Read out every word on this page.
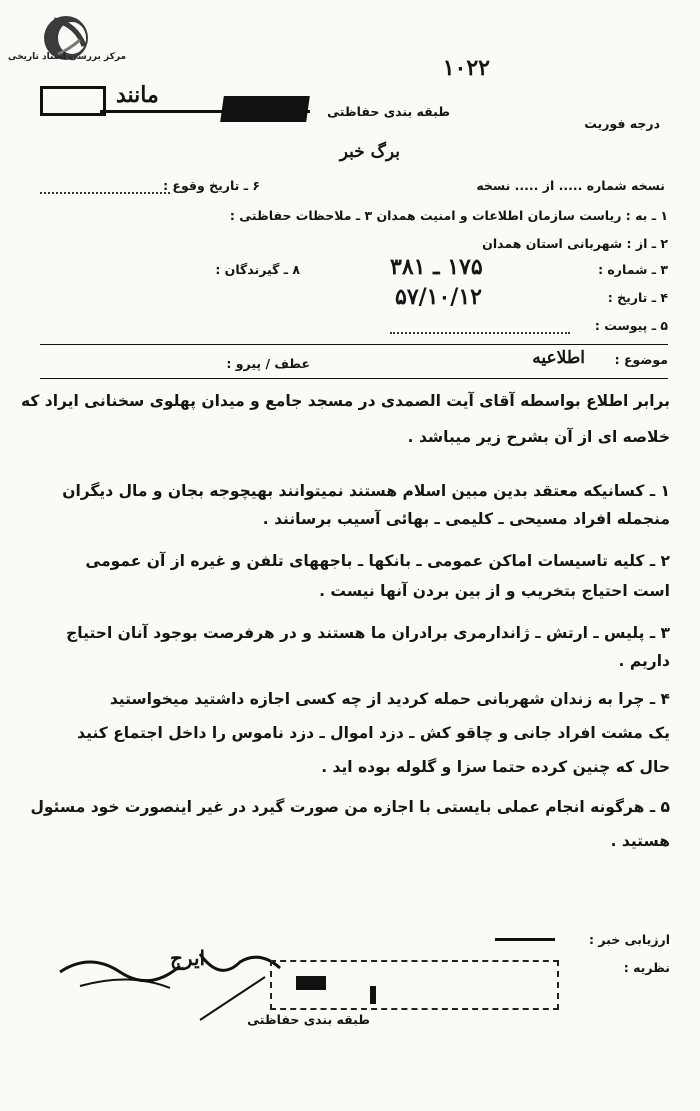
مرکز بررسی اسناد تاریخی	۱۰۲۲
مانند
طبقه بندی حفاظتی
درجه فوریت
برگ خبر
نسخه شماره ..... از ..... نسخه
۶ ـ تاریخ وقوع :
۱ ـ به : ریاست سازمان اطلاعات و امنیت همدان ۳ ـ ملاحظات حفاظتی :
۲ ـ از : شهربانی استان همدان
۳ ـ شماره :
۱۷۵ ـ ۳۸۱
۸ ـ گیرندگان :
۴ ـ تاریخ :
۵۷/۱۰/۱۲
۵ ـ پیوست :
موضوع :
اطلاعیه
عطف / پیرو :
برابر اطلاع بواسطه آقای آیت الصمدی در مسجد جامع و میدان پهلوی سخنانی ایراد که
خلاصه ای از آن بشرح زیر میباشد .
۱ ـ کسانیکه معتقد بدین مبین اسلام هستند نمیتوانند بهیچوجه بجان و مال دیگران
منجمله افراد مسیحی ـ کلیمی ـ بهائی آسیب برسانند .
۲ ـ کلیه تاسیسات اماکن عمومی ـ بانکها ـ باجههای تلفن و غیره از آن عمومی
است احتیاج بتخریب و از بین بردن آنها نیست .
۳ ـ پلیس ـ ارتش ـ ژاندارمری برادران ما هستند و در هرفرصت بوجود آنان احتیاج
داریم .
۴ ـ چرا به زندان شهربانی حمله کردید از چه کسی اجازه داشتید میخواستید
یک مشت افراد جانی و چاقو کش ـ دزد اموال ـ دزد ناموس را داخل اجتماع کنید
حال که چنین کرده حتما سزا و گلوله بوده اید .
۵ ـ هرگونه انجام عملی بایستی با اجازه من صورت گیرد در غیر اینصورت خود مسئول
هستید .
ارزیابی خبر :
نظریه :
ایرج
طبقه بندی حفاظتی
